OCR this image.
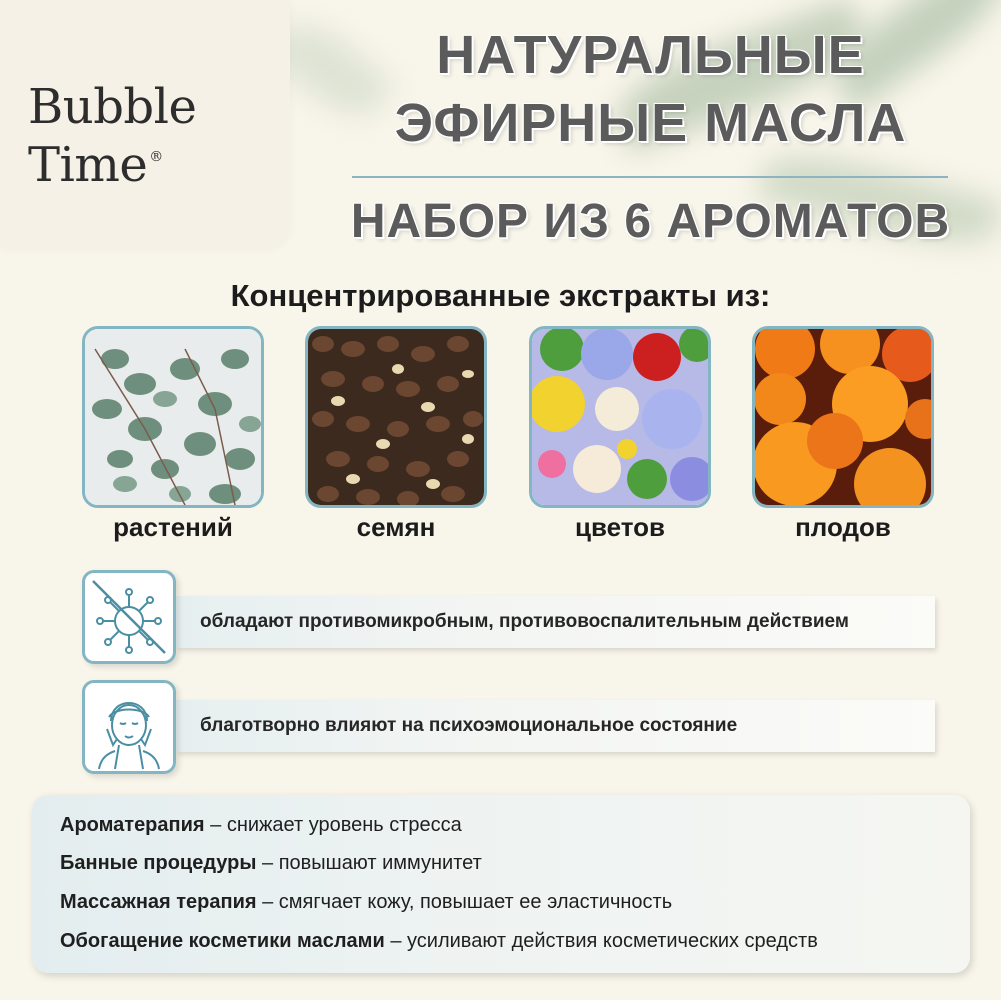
Bubble
Time ®
НАТУРАЛЬНЫЕ
ЭФИРНЫЕ МАСЛА
НАБОР ИЗ 6 АРОМАТОВ
Концентрированные экстракты из:
растений	семян	цветов	плодов
обладают противомикробным, противовоспалительным действием
благотворно влияют на психоэмоциональное состояние
Ароматерапия – снижает уровень стресса
Банные процедуры – повышают иммунитет
Массажная терапия – смягчает кожу, повышает ее эластичность
Обогащение косметики маслами – усиливают действия косметических средств
